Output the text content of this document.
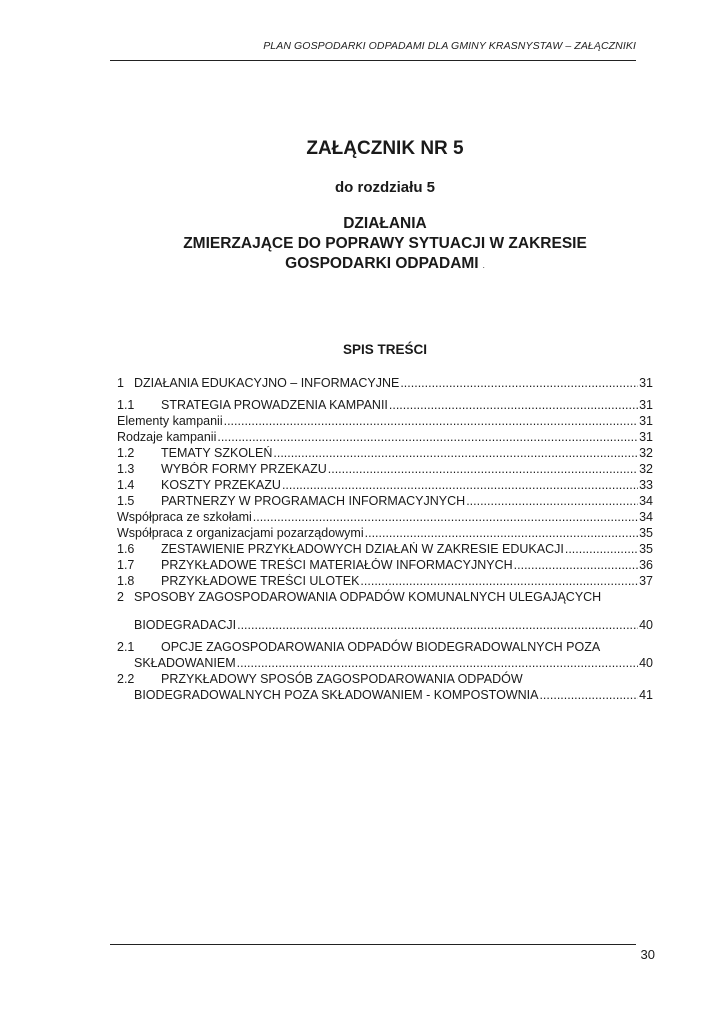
PLAN GOSPODARKI ODPADAMI DLA GMINY KRASNYSTAW – ZAŁĄCZNIKI
ZAŁĄCZNIK NR 5
do rozdziału 5
DZIAŁANIA
ZMIERZAJĄCE DO POPRAWY SYTUACJI W ZAKRESIE
GOSPODARKI ODPADAMI .
SPIS TREŚCI
1 DZIAŁANIA EDUKACYJNO – INFORMACYJNE .....	31
1.1	STRATEGIA PROWADZENIA KAMPANII .....	31
Elementy kampanii .....	31
Rodzaje kampanii .....	31
1.2	TEMATY SZKOLEŃ .....	32
1.3	WYBÓR FORMY PRZEKAZU .....	32
1.4	KOSZTY PRZEKAZU .....	33
1.5	PARTNERZY W PROGRAMACH INFORMACYJNYCH .....	34
Współpraca ze szkołami .....	34
Współpraca z organizacjami pozarządowymi .....	35
1.6	ZESTAWIENIE PRZYKŁADOWYCH DZIAŁAŃ W ZAKRESIE EDUKACJI .....	35
1.7	PRZYKŁADOWE TREŚCI MATERIAŁÓW INFORMACYJNYCH .....	36
1.8	PRZYKŁADOWE TREŚCI ULOTEK .....	37
2 SPOSOBY ZAGOSPODAROWANIA ODPADÓW KOMUNALNYCH ULEGAJĄCYCH
BIODEGRADACJI .....	40
2.1 OPCJE ZAGOSPODAROWANIA ODPADÓW BIODEGRADOWALNYCH POZA
SKŁADOWANIEM .....	40
2.2 PRZYKŁADOWY SPOSÓB ZAGOSPODAROWANIA ODPADÓW
BIODEGRADOWALNYCH POZA SKŁADOWANIEM - KOMPOSTOWNIA .....	41
30
